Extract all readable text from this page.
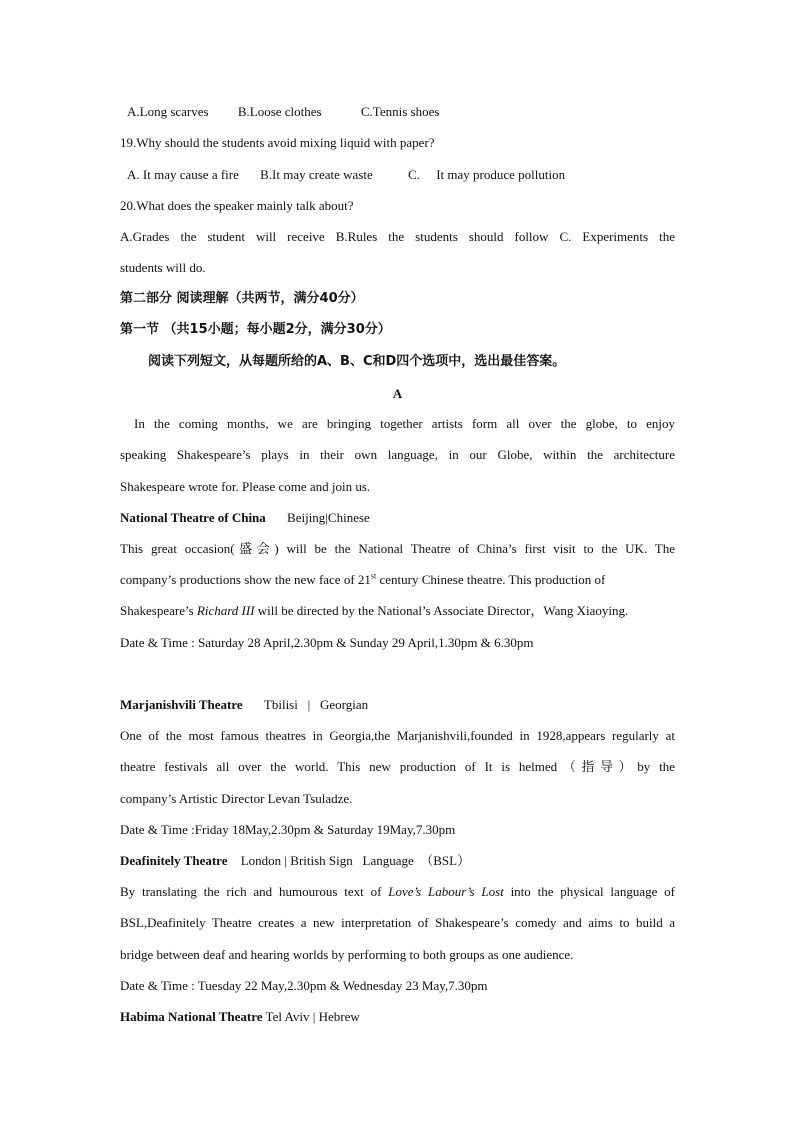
A.Long scarves B.Loose clothes	C.Tennis shoes
19.Why should the students avoid mixing liquid with paper?
A. It may cause a fire B.It may create waste	C. It may produce pollution
20.What does the speaker mainly talk about?
A.Grades the student will receive B.Rules the students should follow C. Experiments the
students will do.
第二部分 阅读理解（共两节，满分40分）
第一节 （共15小题；每小题2分，满分30分）
阅读下列短文，从每题所给的A、B、C和D四个选项中，选出最佳答案。
A
In the coming months, we are bringing together artists form all over the globe, to enjoy
speaking Shakespeare’s plays in their own language, in our Globe, within the architecture
Shakespeare wrote for. Please come and join us.
National Theatre of China Beijing|Chinese
This great occasion(盛会) will be the National Theatre of China’s first visit to the UK. The
company’s productions show the new face of 21st century Chinese theatre. This production of
Shakespeare’s Richard III will be directed by the National’s Associate Director，Wang Xiaoying.
Date & Time : Saturday 28 April,2.30pm & Sunday 29 April,1.30pm & 6.30pm
Marjanishvili Theatre Tbilisi   |   Georgian
One of the most famous theatres in Georgia,the Marjanishvili,founded in 1928,appears regularly at
theatre festivals all over the world. This new production of It is helmed（指导）by the
company’s Artistic Director Levan Tsuladze.
Date & Time :Friday 18May,2.30pm & Saturday 19May,7.30pm
Deafinitely Theatre London | British Sign   Language  （BSL）
By translating the rich and humourous text of Love’s Labour’s Lost into the physical language of
BSL,Deafinitely Theatre creates a new interpretation of Shakespeare’s comedy and aims to build a
bridge between deaf and hearing worlds by performing to both groups as one audience.
Date & Time : Tuesday 22 May,2.30pm & Wednesday 23 May,7.30pm
Habima National Theatre Tel Aviv | Hebrew
